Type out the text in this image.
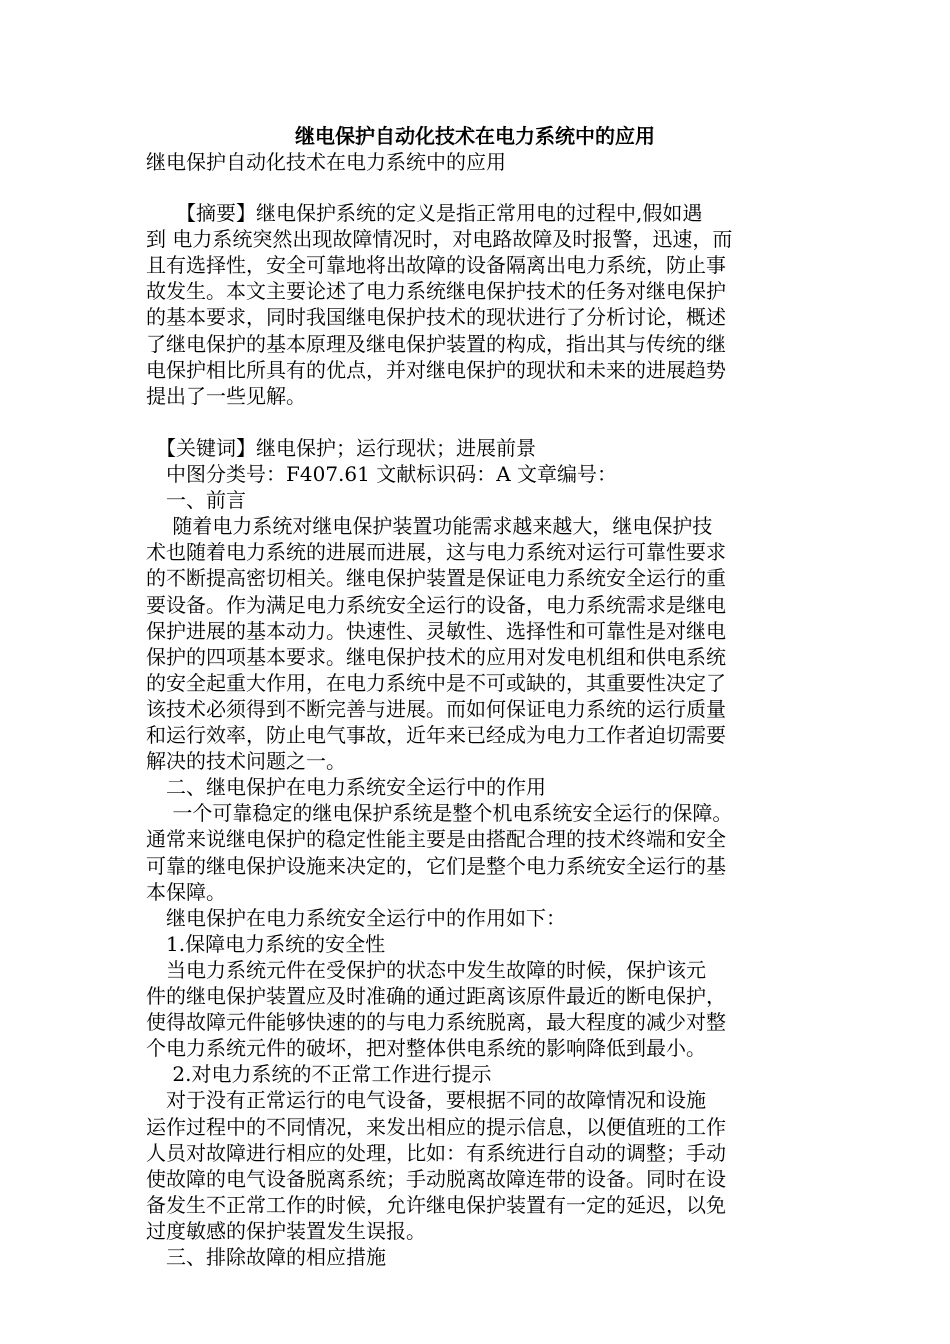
继电保护自动化技术在电力系统中的应用
继电保护自动化技术在电力系统中的应用
　　【摘要】继电保护系统的定义是指正常用电的过程中,假如遇
到 电力系统突然出现故障情况时，对电路故障及时报警，迅速，而
且有选择性，安全可靠地将出故障的设备隔离出电力系统，防止事
故发生。本文主要论述了电力系统继电保护技术的任务对继电保护
的基本要求，同时我国继电保护技术的现状进行了分析讨论，概述
了继电保护的基本原理及继电保护装置的构成，指出其与传统的继
电保护相比所具有的优点，并对继电保护的现状和未来的进展趋势
提出了一些见解。
　【关键词】继电保护；运行现状；进展前景
　中图分类号：F407.61 文献标识码：A 文章编号：
　一、前言
　 随着电力系统对继电保护装置功能需求越来越大，继电保护技
术也随着电力系统的进展而进展，这与电力系统对运行可靠性要求
的不断提高密切相关。继电保护装置是保证电力系统安全运行的重
要设备。作为满足电力系统安全运行的设备，电力系统需求是继电
保护进展的基本动力。快速性、灵敏性、选择性和可靠性是对继电
保护的四项基本要求。继电保护技术的应用对发电机组和供电系统
的安全起重大作用，在电力系统中是不可或缺的，其重要性决定了
该技术必须得到不断完善与进展。而如何保证电力系统的运行质量
和运行效率，防止电气事故，近年来已经成为电力工作者迫切需要
解决的技术问题之一。
　二、继电保护在电力系统安全运行中的作用
　 一个可靠稳定的继电保护系统是整个机电系统安全运行的保障。
通常来说继电保护的稳定性能主要是由搭配合理的技术终端和安全
可靠的继电保护设施来决定的，它们是整个电力系统安全运行的基
本保障。
　继电保护在电力系统安全运行中的作用如下：
　1.保障电力系统的安全性
　当电力系统元件在受保护的状态中发生故障的时候，保护该元
件的继电保护装置应及时准确的通过距离该原件最近的断电保护，
使得故障元件能够快速的的与电力系统脱离，最大程度的减少对整
个电力系统元件的破坏，把对整体供电系统的影响降低到最小。
　 2.对电力系统的不正常工作进行提示
　对于没有正常运行的电气设备，要根据不同的故障情况和设施
运作过程中的不同情况，来发出相应的提示信息，以便值班的工作
人员对故障进行相应的处理，比如：有系统进行自动的调整；手动
使故障的电气设备脱离系统；手动脱离故障连带的设备。同时在设
备发生不正常工作的时候，允许继电保护装置有一定的延迟，以免
过度敏感的保护装置发生误报。
　三、排除故障的相应措施
